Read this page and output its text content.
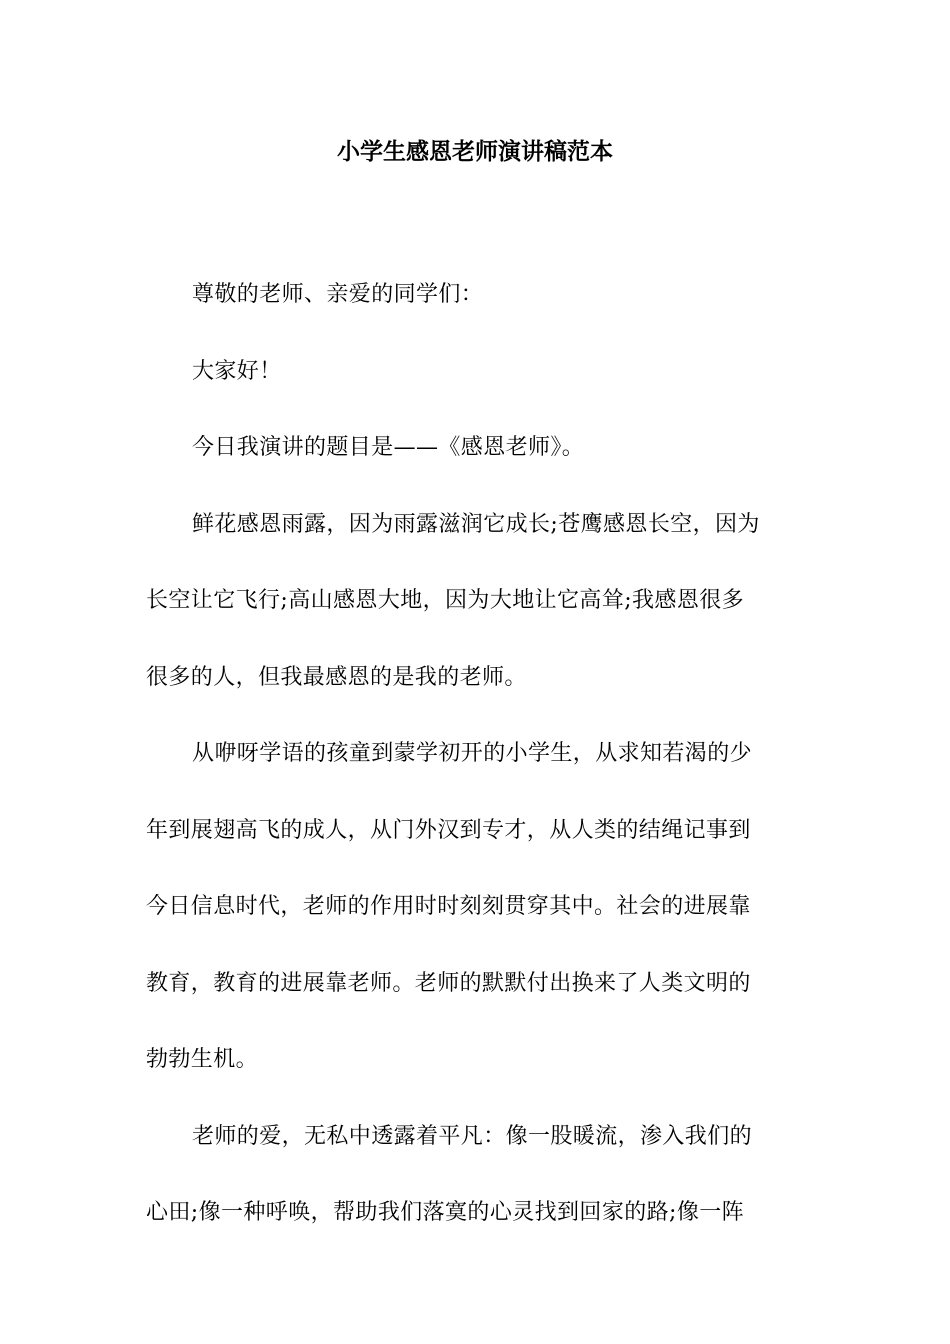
小学生感恩老师演讲稿范本

尊敬的老师、亲爱的同学们：

大家好！

今日我演讲的题目是——《感恩老师》。

鲜花感恩雨露，因为雨露滋润它成长;苍鹰感恩长空，因为
长空让它飞行;高山感恩大地，因为大地让它高耸;我感恩很多
很多的人，但我最感恩的是我的老师。

从咿呀学语的孩童到蒙学初开的小学生，从求知若渴的少
年到展翅高飞的成人，从门外汉到专才，从人类的结绳记事到
今日信息时代，老师的作用时时刻刻贯穿其中。社会的进展靠
教育，教育的进展靠老师。老师的默默付出换来了人类文明的
勃勃生机。

老师的爱，无私中透露着平凡：像一股暖流，渗入我们的
心田;像一种呼唤，帮助我们落寞的心灵找到回家的路;像一阵
